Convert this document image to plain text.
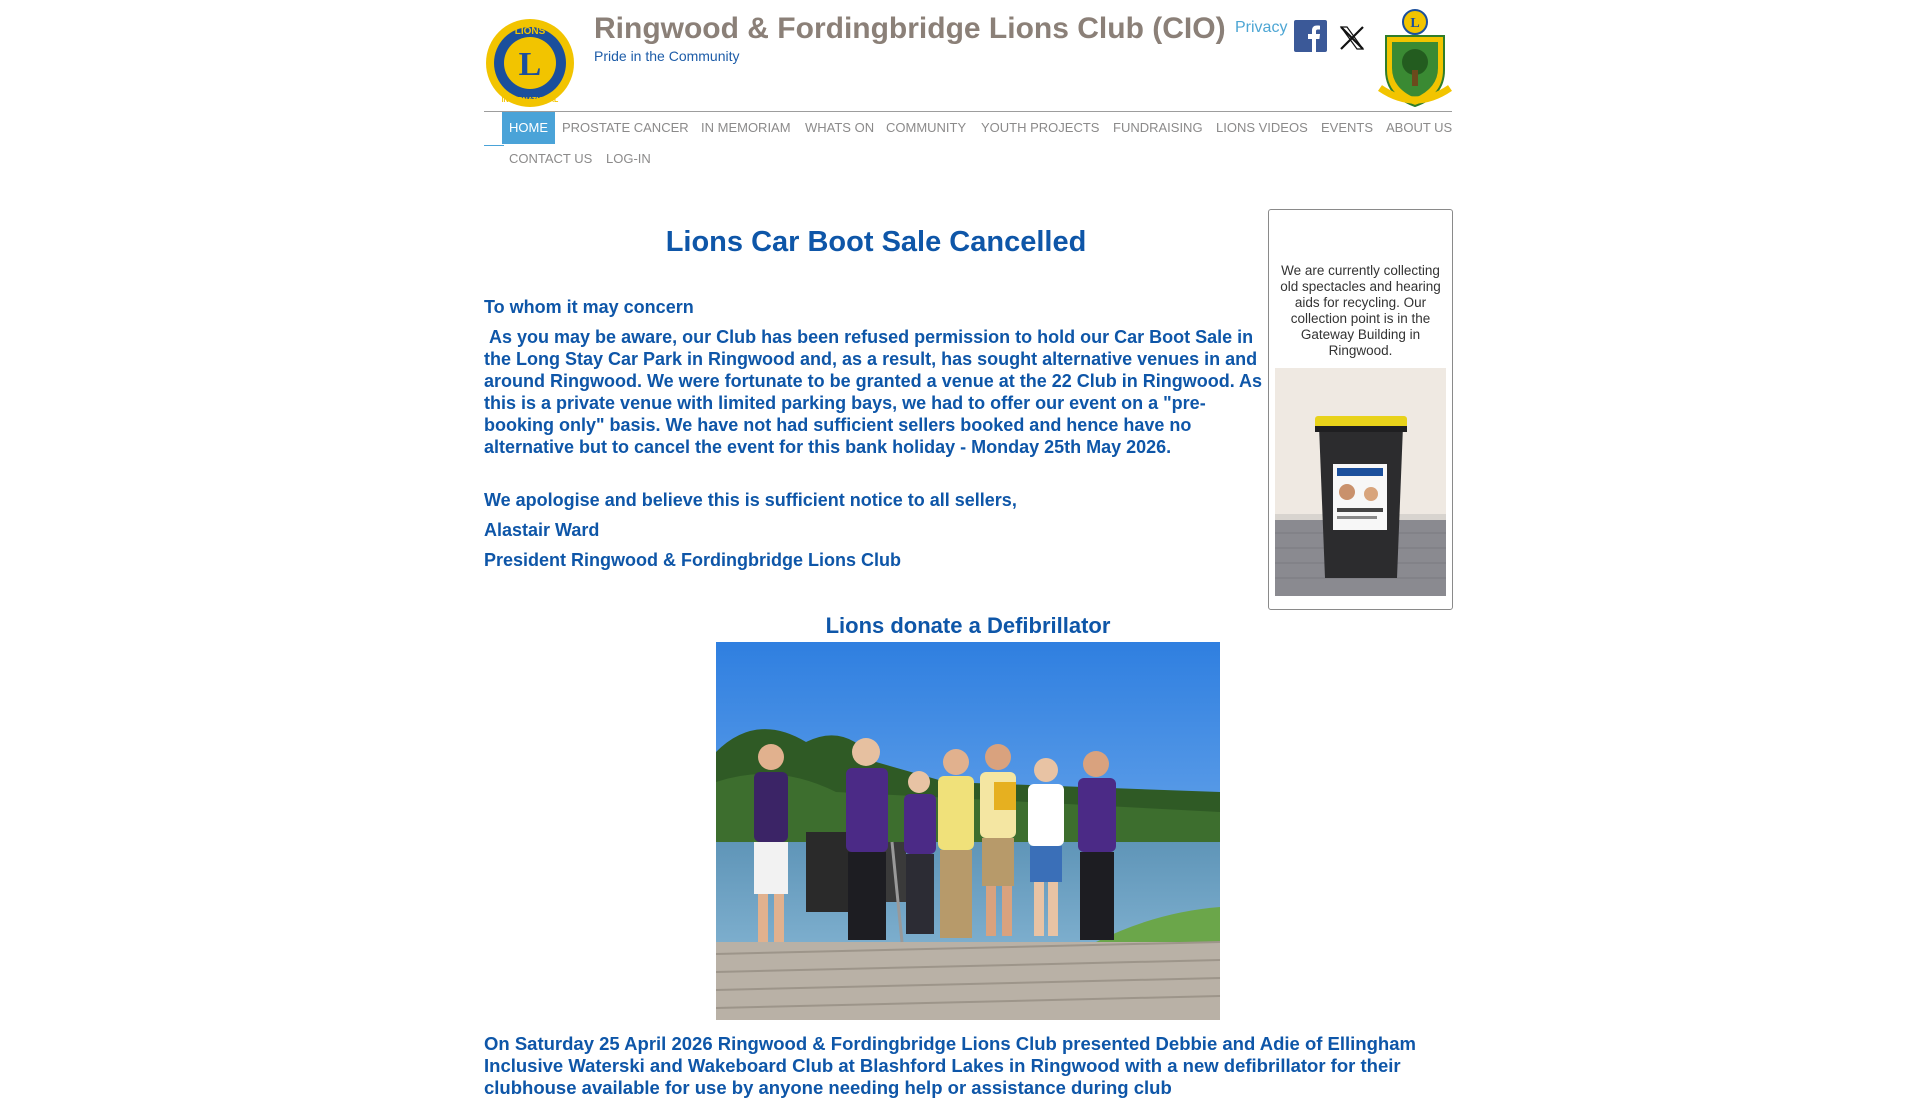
L
LIONS
INTERNATIONAL
Ringwood & Fordingbridge Lions Club (CIO)
Pride in the Community
Privacy	L
HOME	PROSTATE CANCER IN MEMORIAM WHATS ON COMMUNITY YOUTH PROJECTS FUNDRAISING LIONS VIDEOS EVENTS ABOUT US
CONTACT US LOG-IN
Lions Car Boot Sale Cancelled

To whom it may concern

As you may be aware, our Club has been refused permission to hold our Car Boot Sale in the Long Stay Car Park in Ringwood and, as a result, has sought alternative venues in and around Ringwood. We were fortunate to be granted a venue at the 22 Club in Ringwood. As this is a private venue with limited parking bays, we had to offer our event on a "pre-booking only" basis. We have not had sufficient sellers booked and hence have no alternative but to cancel the event for this bank holiday - Monday 25th May 2026.

We apologise and believe this is sufficient notice to all sellers,

Alastair Ward

President Ringwood & Fordingbridge Lions Club

We are currently collecting old spectacles and hearing aids for recycling. Our collection point is in the Gateway Building in Ringwood.
Lions donate a Defibrillator

On Saturday 25 April 2026 Ringwood & Fordingbridge Lions Club presented Debbie and Adie of Ellingham Inclusive Waterski and Wakeboard Club at Blashford Lakes in Ringwood with a new defibrillator for their clubhouse available for use by anyone needing help or assistance during club
